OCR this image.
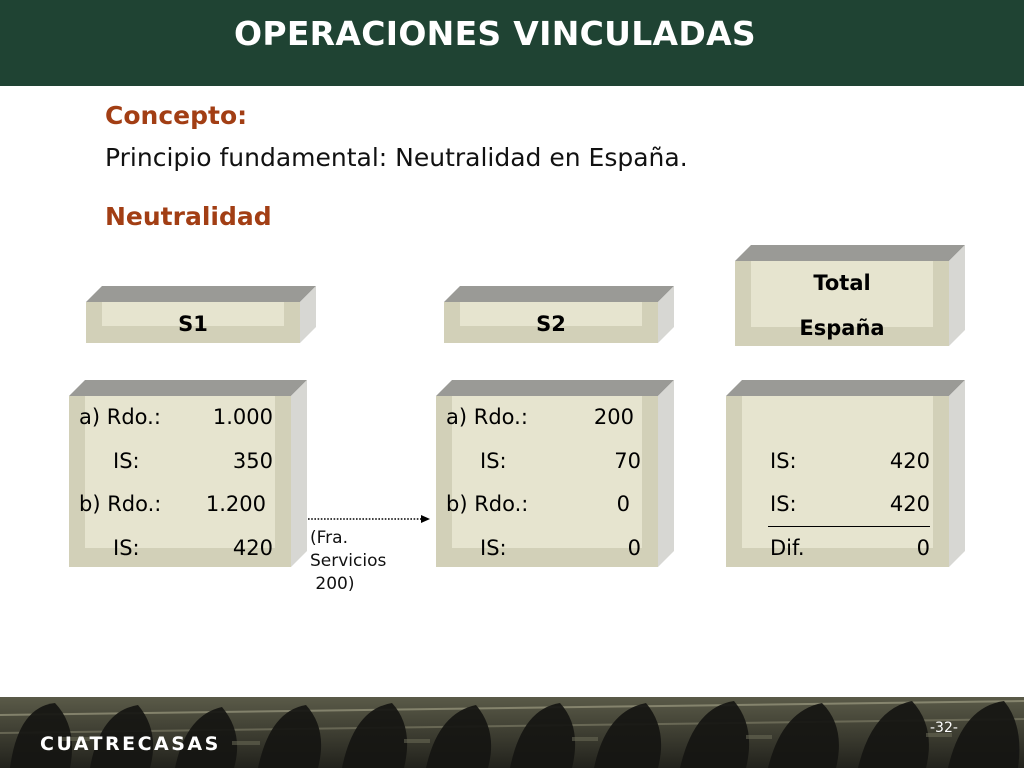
OPERACIONES VINCULADAS
Concepto:
Principio fundamental: Neutralidad en España.
Neutralidad
S1	S2
Total
España
a) Rdo.:	1.000
IS:	350
b) Rdo.:	1.200
IS:	420
a) Rdo.:	200
IS:	70
b) Rdo.:	0
IS:	0
IS:	420
IS:	420
Dif.	0
(Fra.
Servicios
200)
CUATRECASAS
-32-
